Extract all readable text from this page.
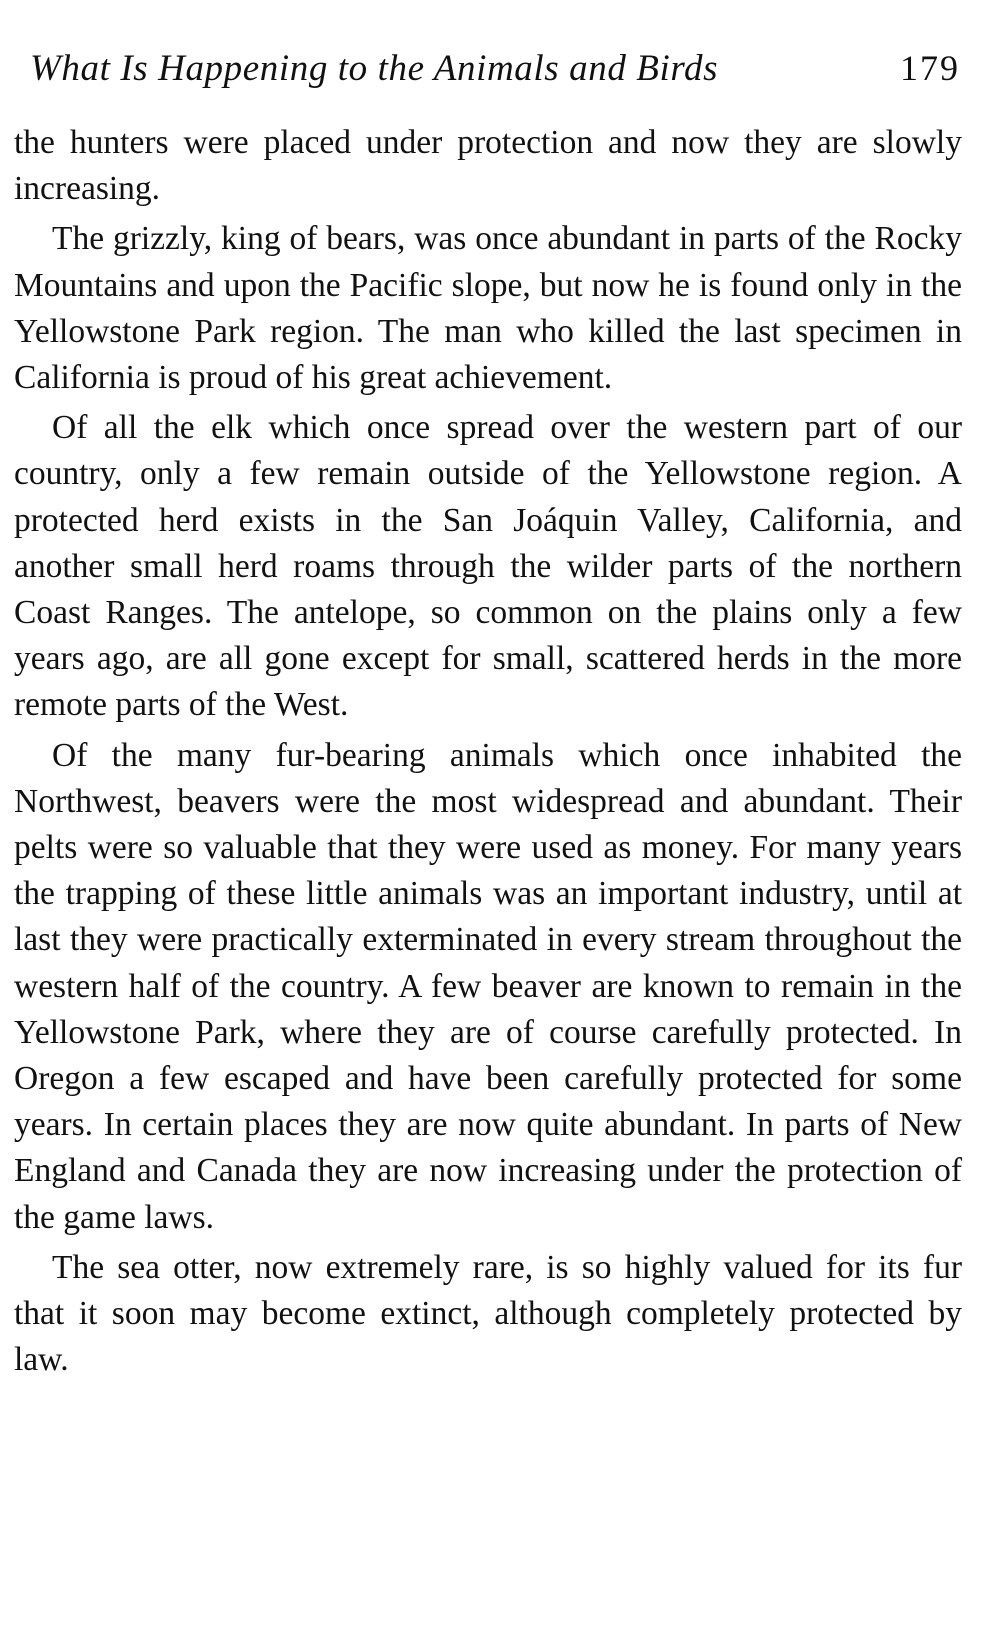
What Is Happening to the Animals and Birds	179

the hunters were placed under protection and now they are slowly increasing.

The grizzly, king of bears, was once abundant in parts of the Rocky Mountains and upon the Pacific slope, but now he is found only in the Yellowstone Park region. The man who killed the last specimen in California is proud of his great achievement.

Of all the elk which once spread over the western part of our country, only a few remain outside of the Yellowstone region. A protected herd exists in the San Joáquin Valley, California, and another small herd roams through the wilder parts of the northern Coast Ranges. The antelope, so common on the plains only a few years ago, are all gone except for small, scattered herds in the more remote parts of the West.

Of the many fur-bearing animals which once inhabited the Northwest, beavers were the most widespread and abundant. Their pelts were so valuable that they were used as money. For many years the trapping of these little animals was an important industry, until at last they were practically exterminated in every stream throughout the western half of the country. A few beaver are known to remain in the Yellowstone Park, where they are of course carefully protected. In Oregon a few escaped and have been carefully protected for some years. In certain places they are now quite abundant. In parts of New England and Canada they are now increasing under the protection of the game laws.

The sea otter, now extremely rare, is so highly valued for its fur that it soon may become extinct, although completely protected by law.
